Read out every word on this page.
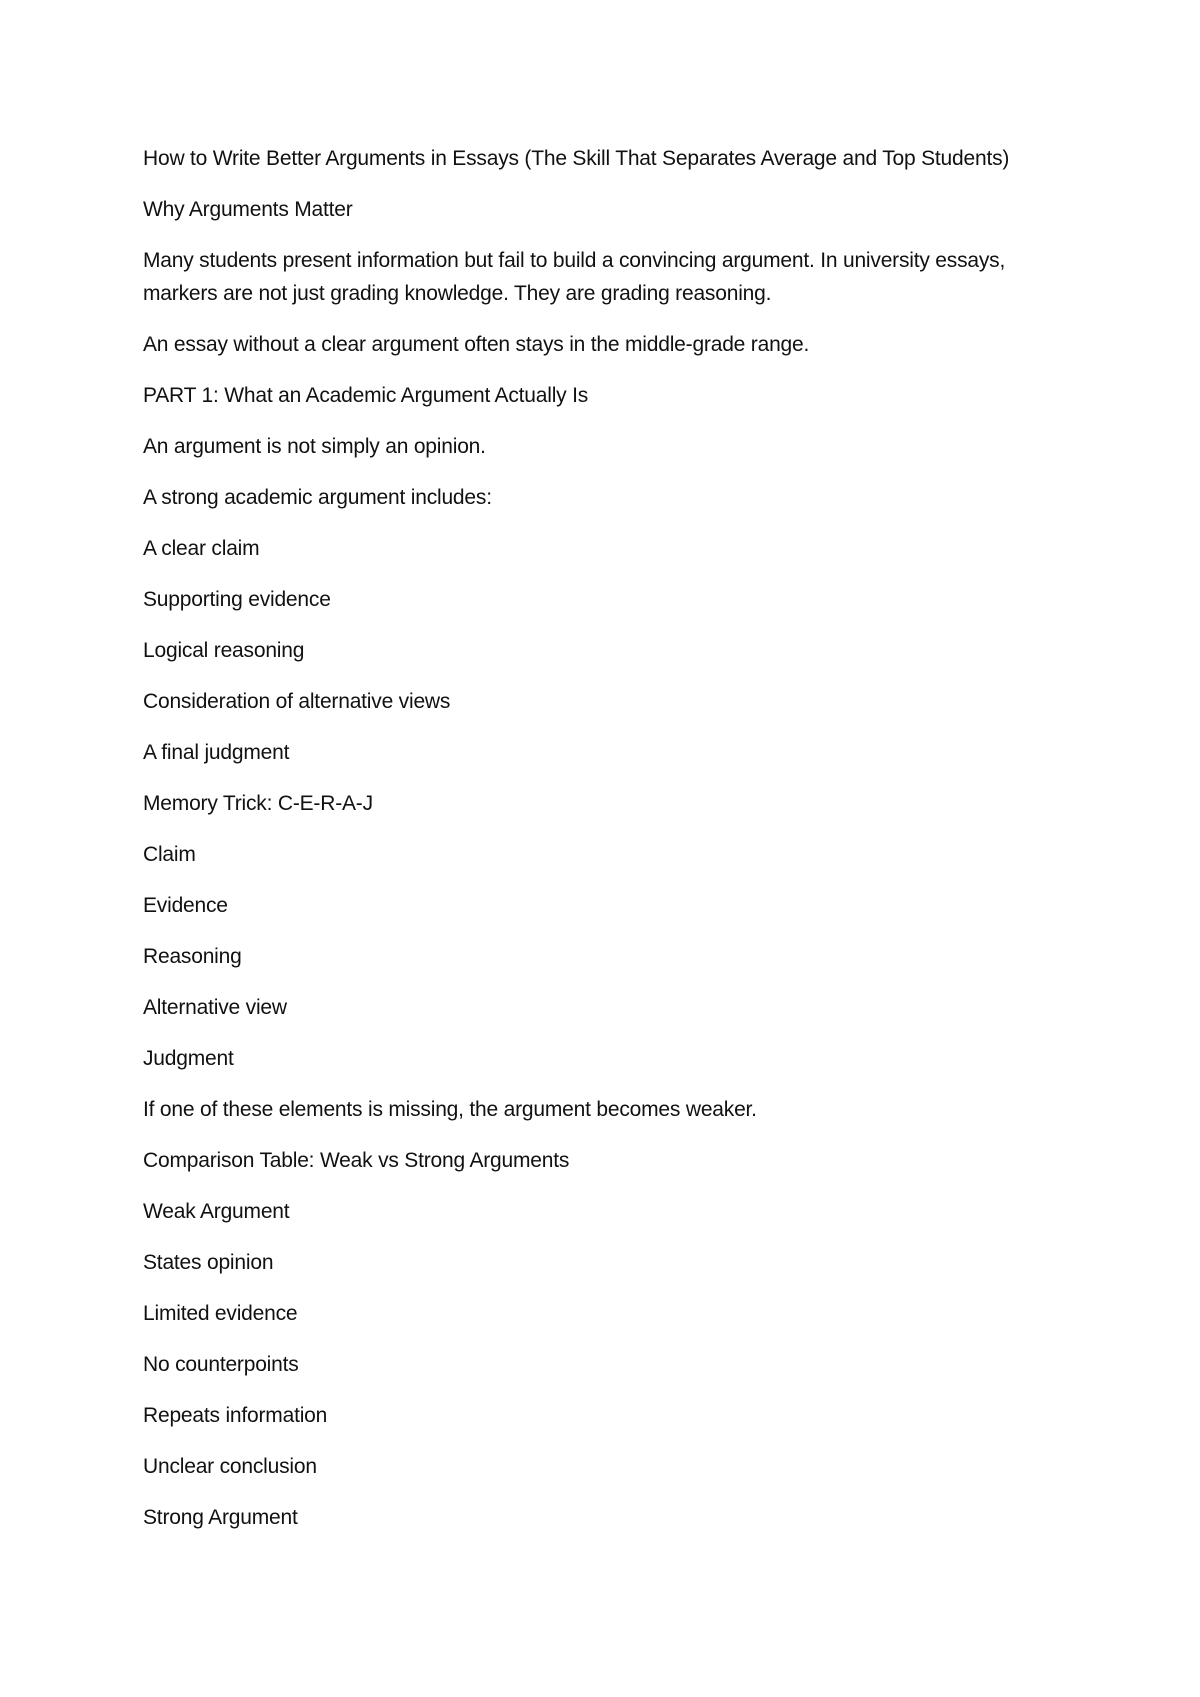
How to Write Better Arguments in Essays (The Skill That Separates Average and Top Students)

Why Arguments Matter

Many students present information but fail to build a convincing argument. In university essays, markers are not just grading knowledge. They are grading reasoning.

An essay without a clear argument often stays in the middle-grade range.

PART 1: What an Academic Argument Actually Is

An argument is not simply an opinion.

A strong academic argument includes:

A clear claim

Supporting evidence

Logical reasoning

Consideration of alternative views

A final judgment

Memory Trick: C-E-R-A-J

Claim

Evidence

Reasoning

Alternative view

Judgment

If one of these elements is missing, the argument becomes weaker.

Comparison Table: Weak vs Strong Arguments

Weak Argument

States opinion

Limited evidence

No counterpoints

Repeats information

Unclear conclusion

Strong Argument
